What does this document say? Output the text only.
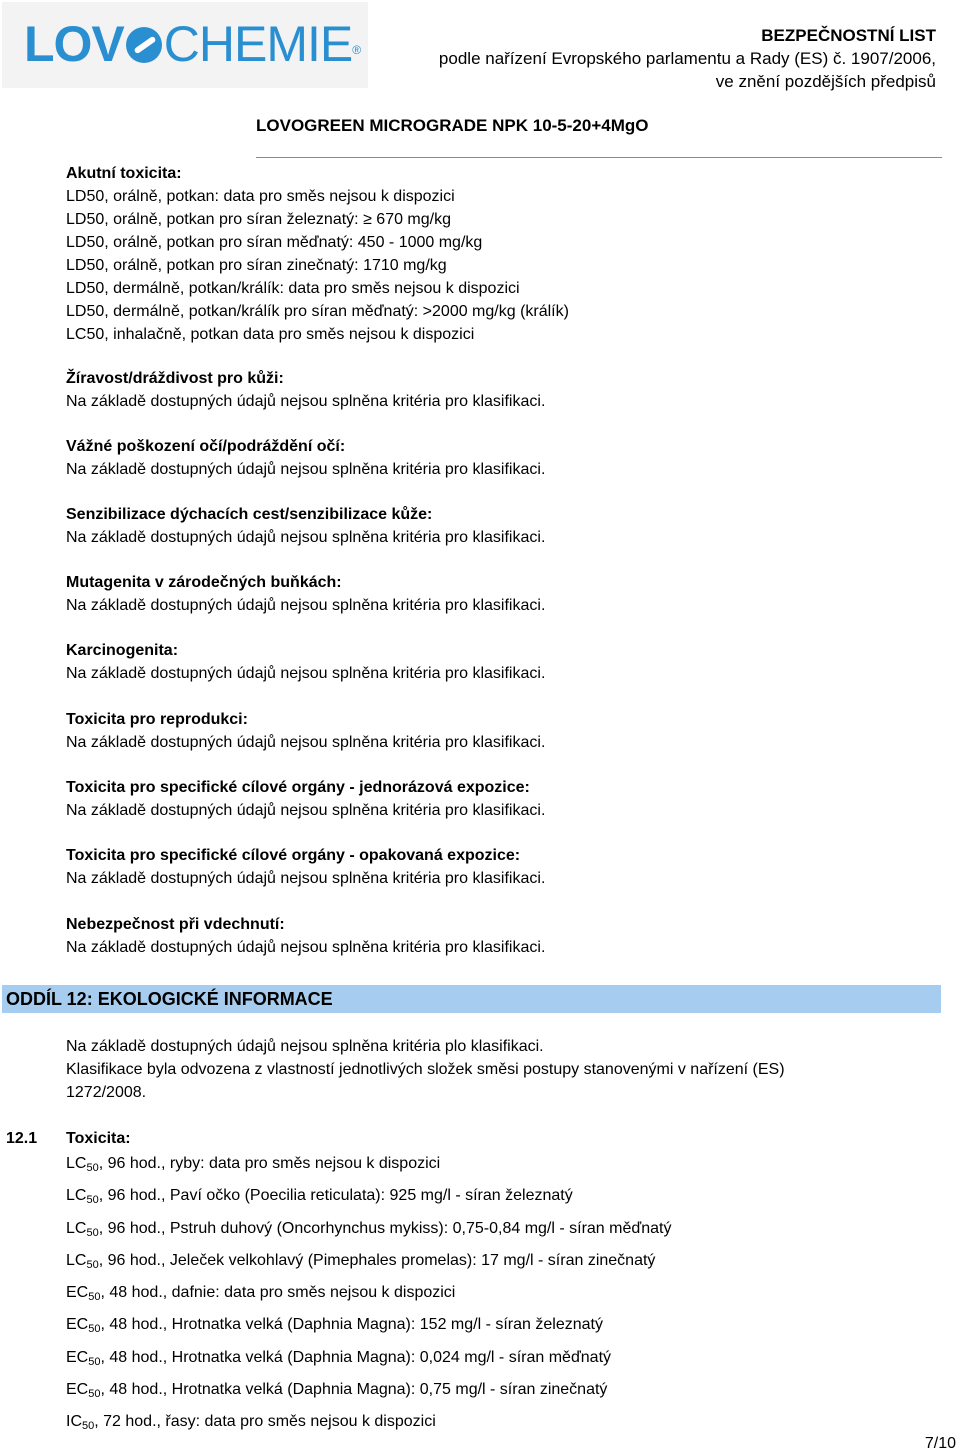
LOV CHEMIE®
BEZPEČNOSTNÍ LIST
podle nařízení Evropského parlamentu a Rady (ES) č. 1907/2006,
ve znění pozdějších předpisů
LOVOGREEN MICROGRADE NPK 10-5-20+4MgO
Akutní toxicita:
LD50, orálně, potkan: data pro směs nejsou k dispozici
LD50, orálně, potkan pro síran železnatý: ≥ 670 mg/kg
LD50, orálně, potkan pro síran měďnatý: 450 - 1000 mg/kg
LD50, orálně, potkan pro síran zinečnatý: 1710 mg/kg
LD50, dermálně, potkan/králík: data pro směs nejsou k dispozici
LD50, dermálně, potkan/králík pro síran měďnatý: >2000 mg/kg (králík)
LC50, inhalačně, potkan data pro směs nejsou k dispozici
Žíravost/dráždivost pro kůži:
Na základě dostupných údajů nejsou splněna kritéria pro klasifikaci.
Vážné poškození očí/podráždění očí:
Na základě dostupných údajů nejsou splněna kritéria pro klasifikaci.
Senzibilizace dýchacích cest/senzibilizace kůže:
Na základě dostupných údajů nejsou splněna kritéria pro klasifikaci.
Mutagenita v zárodečných buňkách:
Na základě dostupných údajů nejsou splněna kritéria pro klasifikaci.
Karcinogenita:
Na základě dostupných údajů nejsou splněna kritéria pro klasifikaci.
Toxicita pro reprodukci:
Na základě dostupných údajů nejsou splněna kritéria pro klasifikaci.
Toxicita pro specifické cílové orgány - jednorázová expozice:
Na základě dostupných údajů nejsou splněna kritéria pro klasifikaci.
Toxicita pro specifické cílové orgány - opakovaná expozice:
Na základě dostupných údajů nejsou splněna kritéria pro klasifikaci.
Nebezpečnost při vdechnutí:
Na základě dostupných údajů nejsou splněna kritéria pro klasifikaci.
ODDÍL 12: EKOLOGICKÉ INFORMACE
Na základě dostupných údajů nejsou splněna kritéria plo klasifikaci.
Klasifikace byla odvozena z vlastností jednotlivých složek směsi postupy stanovenými v nařízení (ES)
1272/2008.
12.1 Toxicita:
$LC_{50}$, 96 hod., ryby: data pro směs nejsou k dispozici
$LC_{50}$, 96 hod., Paví očko (Poecilia reticulata): 925 mg/l - síran železnatý
$LC_{50}$, 96 hod., Pstruh duhový (Oncorhynchus mykiss): 0,75-0,84 mg/l - síran měďnatý
$LC_{50}$, 96 hod., Jeleček velkohlavý (Pimephales promelas): 17 mg/l - síran zinečnatý
$EC_{50}$, 48 hod., dafnie: data pro směs nejsou k dispozici
$EC_{50}$, 48 hod., Hrotnatka velká (Daphnia Magna): 152 mg/l - síran železnatý
$EC_{50}$, 48 hod., Hrotnatka velká (Daphnia Magna): 0,024 mg/l - síran měďnatý
$EC_{50}$, 48 hod., Hrotnatka velká (Daphnia Magna): 0,75 mg/l - síran zinečnatý
$IC_{50}$, 72 hod., řasy: data pro směs nejsou k dispozici
7/10
